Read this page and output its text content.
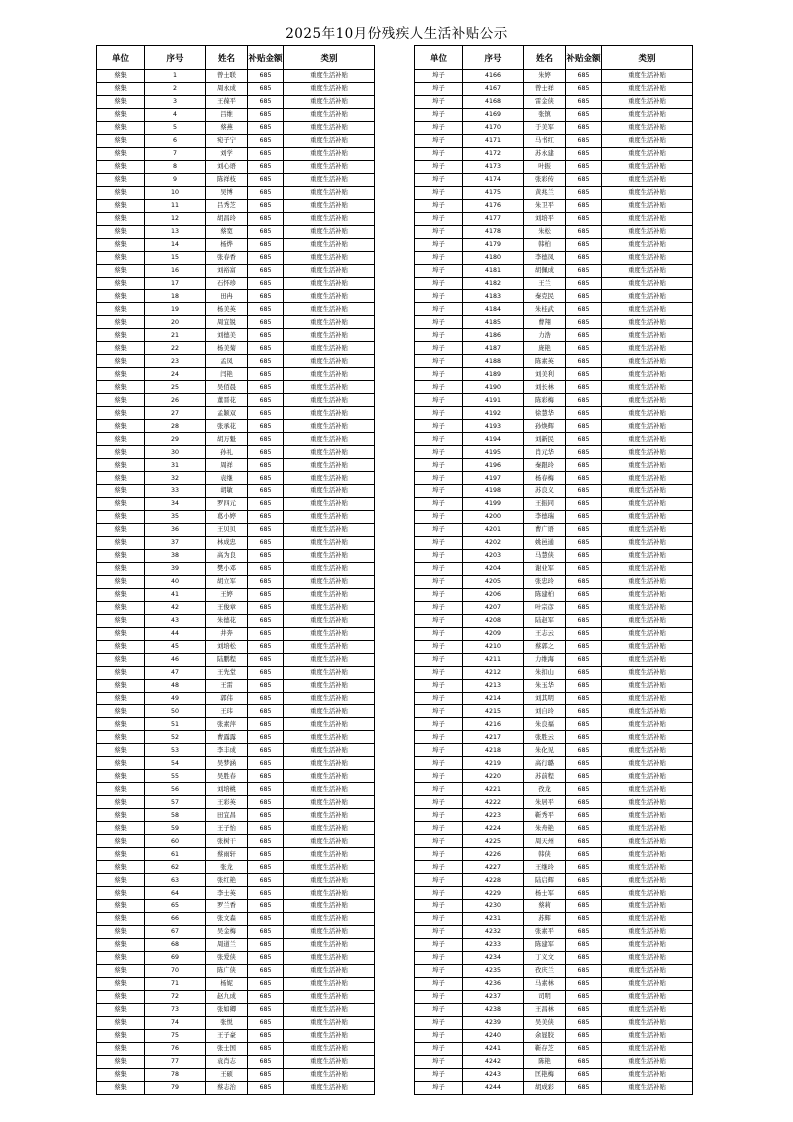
2025年10月份残疾人生活补贴公示
单位	序号	姓名	补贴金额	类别
蔡集	1	曾士联	685	重度生活补贴
蔡集	2	周永成	685	重度生活补贴
蔡集	3	王葆平	685	重度生活补贴
蔡集	4	吕维	685	重度生活补贴
蔡集	5	蔡燕	685	重度生活补贴
蔡集	6	宛子宁	685	重度生活补贴
蔡集	7	刘学	685	重度生活补贴
蔡集	8	刘心语	685	重度生活补贴
蔡集	9	陈祥枝	685	重度生活补贴
蔡集	10	吴博	685	重度生活补贴
蔡集	11	吕秀芝	685	重度生活补贴
蔡集	12	胡昌玲	685	重度生活补贴
蔡集	13	蔡宽	685	重度生活补贴
蔡集	14	杨烨	685	重度生活补贴
蔡集	15	张春香	685	重度生活补贴
蔡集	16	刘裕富	685	重度生活补贴
蔡集	17	石怀珍	685	重度生活补贴
蔡集	18	田冉	685	重度生活补贴
蔡集	19	杨美英	685	重度生活补贴
蔡集	20	周宜锐	685	重度生活补贴
蔡集	21	刘德美	685	重度生活补贴
蔡集	22	杨美菊	685	重度生活补贴
蔡集	23	孟凤	685	重度生活补贴
蔡集	24	闫艳	685	重度生活补贴
蔡集	25	吴佰晨	685	重度生活补贴
蔡集	26	董晋花	685	重度生活补贴
蔡集	27	孟颖双	685	重度生活补贴
蔡集	28	张承花	685	重度生活补贴
蔡集	29	胡万魁	685	重度生活补贴
蔡集	30	孙礼	685	重度生活补贴
蔡集	31	周祥	685	重度生活补贴
蔡集	32	袁继	685	重度生活补贴
蔡集	33	胡敏	685	重度生活补贴
蔡集	34	罗四元	685	重度生活补贴
蔡集	35	葛小婷	685	重度生活补贴
蔡集	36	王贝贝	685	重度生活补贴
蔡集	37	林成忠	685	重度生活补贴
蔡集	38	高为良	685	重度生活补贴
蔡集	39	樊小邓	685	重度生活补贴
蔡集	40	胡立军	685	重度生活补贴
蔡集	41	王婷	685	重度生活补贴
蔡集	42	王俊章	685	重度生活补贴
蔡集	43	朱德花	685	重度生活补贴
蔡集	44	井奔	685	重度生活补贴
蔡集	45	刘培松	685	重度生活补贴
蔡集	46	陆鹏程	685	重度生活补贴
蔡集	47	王先堂	685	重度生活补贴
蔡集	48	王雷	685	重度生活补贴
蔡集	49	郭伟	685	重度生活补贴
蔡集	50	王玮	685	重度生活补贴
蔡集	51	张素萍	685	重度生活补贴
蔡集	52	曹露露	685	重度生活补贴
蔡集	53	李丰成	685	重度生活补贴
蔡集	54	吴梦涵	685	重度生活补贴
蔡集	55	吴胜春	685	重度生活补贴
蔡集	56	刘培桃	685	重度生活补贴
蔡集	57	王彩英	685	重度生活补贴
蔡集	58	田宜昌	685	重度生活补贴
蔡集	59	王子怡	685	重度生活补贴
蔡集	60	张树干	685	重度生活补贴
蔡集	61	蔡雨轩	685	重度生活补贴
蔡集	62	张龙	685	重度生活补贴
蔡集	63	张红艳	685	重度生活补贴
蔡集	64	李士英	685	重度生活补贴
蔡集	65	罗兰香	685	重度生活补贴
蔡集	66	张文森	685	重度生活补贴
蔡集	67	吴金梅	685	重度生活补贴
蔡集	68	周道兰	685	重度生活补贴
蔡集	69	张爱侠	685	重度生活补贴
蔡集	70	陈广侠	685	重度生活补贴
蔡集	71	杨妮	685	重度生活补贴
蔡集	72	赵九成	685	重度生活补贴
蔡集	73	张如卿	685	重度生活补贴
蔡集	74	张悦	685	重度生活补贴
蔡集	75	王子豪	685	重度生活补贴
蔡集	76	张士国	685	重度生活补贴
蔡集	77	袁肖志	685	重度生活补贴
蔡集	78	王硕	685	重度生活补贴
蔡集	79	蔡志治	685	重度生活补贴
单位	序号	姓名	补贴金额	类别
埠子	4166	朱婷	685	重度生活补贴
埠子	4167	曾士祥	685	重度生活补贴
埠子	4168	雷金侠	685	重度生活补贴
埠子	4169	张镇	685	重度生活补贴
埠子	4170	于美军	685	重度生活补贴
埠子	4171	马书红	685	重度生活补贴
埠子	4172	苏永建	685	重度生活补贴
埠子	4173	叶振	685	重度生活补贴
埠子	4174	张彩传	685	重度生活补贴
埠子	4175	黄兆兰	685	重度生活补贴
埠子	4176	朱卫平	685	重度生活补贴
埠子	4177	刘培平	685	重度生活补贴
埠子	4178	朱松	685	重度生活补贴
埠子	4179	韩柏	685	重度生活补贴
埠子	4180	李德凤	685	重度生活补贴
埠子	4181	胡佩成	685	重度生活补贴
埠子	4182	王兰	685	重度生活补贴
埠子	4183	秦克民	685	重度生活补贴
埠子	4184	朱桂武	685	重度生活补贴
埠子	4185	曹翔	685	重度生活补贴
埠子	4186	力浩	685	重度生活补贴
埠子	4187	庞艳	685	重度生活补贴
埠子	4188	陈素英	685	重度生活补贴
埠子	4189	刘美利	685	重度生活补贴
埠子	4190	刘长林	685	重度生活补贴
埠子	4191	陈彩梅	685	重度生活补贴
埠子	4192	徐慧华	685	重度生活补贴
埠子	4193	孙焕辉	685	重度生活补贴
埠子	4194	刘新民	685	重度生活补贴
埠子	4195	肖元华	685	重度生活补贴
埠子	4196	秦跟玲	685	重度生活补贴
埠子	4197	杨春梅	685	重度生活补贴
埠子	4198	苏良义	685	重度生活补贴
埠子	4199	王振同	685	重度生活补贴
埠子	4200	李德瑞	685	重度生活补贴
埠子	4201	曹广语	685	重度生活补贴
埠子	4202	姚邑通	685	重度生活补贴
埠子	4203	马慧侠	685	重度生活补贴
埠子	4204	谢业军	685	重度生活补贴
埠子	4205	张忠玲	685	重度生活补贴
埠子	4206	陈建柏	685	重度生活补贴
埠子	4207	叶宗彦	685	重度生活补贴
埠子	4208	陆赵军	685	重度生活补贴
埠子	4209	王志云	685	重度生活补贴
埠子	4210	蔡郭之	685	重度生活补贴
埠子	4211	力维海	685	重度生活补贴
埠子	4212	朱扣山	685	重度生活补贴
埠子	4213	朱玉华	685	重度生活补贴
埠子	4214	刘其明	685	重度生活补贴
埠子	4215	刘自玲	685	重度生活补贴
埠子	4216	朱良福	685	重度生活补贴
埠子	4217	张胜云	685	重度生活补贴
埠子	4218	朱化见	685	重度生活补贴
埠子	4219	高行璐	685	重度生活补贴
埠子	4220	苏前程	685	重度生活补贴
埠子	4221	孜龙	685	重度生活补贴
埠子	4222	朱居平	685	重度生活补贴
埠子	4223	靳秀平	685	重度生活补贴
埠子	4224	朱舟艳	685	重度生活补贴
埠子	4225	周天州	685	重度生活补贴
埠子	4226	韩侠	685	重度生活补贴
埠子	4227	王继玲	685	重度生活补贴
埠子	4228	陆启辉	685	重度生活补贴
埠子	4229	杨士军	685	重度生活补贴
埠子	4230	蔡莉	685	重度生活补贴
埠子	4231	苏辉	685	重度生活补贴
埠子	4232	张素平	685	重度生活补贴
埠子	4233	陈建军	685	重度生活补贴
埠子	4234	丁义文	685	重度生活补贴
埠子	4235	孜庆兰	685	重度生活补贴
埠子	4236	马素林	685	重度生活补贴
埠子	4237	司明	685	重度生活补贴
埠子	4238	王昌林	685	重度生活补贴
埠子	4239	吴美侠	685	重度生活补贴
埠子	4240	余显胶	685	重度生活补贴
埠子	4241	靳存芝	685	重度生活补贴
埠子	4242	陈艳	685	重度生活补贴
埠子	4243	匡艳梅	685	重度生活补贴
埠子	4244	胡成彩	685	重度生活补贴
